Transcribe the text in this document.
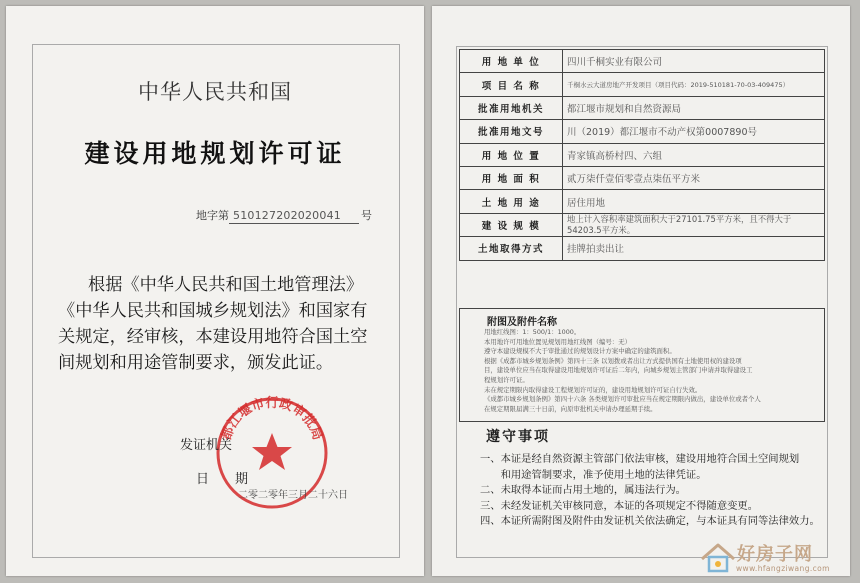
中华人民共和国
建设用地规划许可证
地字第 510127202020041 号
根据《中华人民共和国土地管理法》《中华人民共和国城乡规划法》和国家有关规定，经审核，本建设用地符合国土空间规划和用途管制要求，颁发此证。
都江堰市行政审批局
发证机关
日　　期
二零二零年三月二十六日
用 地 单 位	四川千桐实业有限公司
项 目 名 称	千桐水云大道房地产开发项目（项目代码：2019-510181-70-03-409475）
批准用地机关	都江堰市规划和自然资源局
批准用地文号	川（2019）都江堰市不动产权第0007890号
用 地 位 置	青家镇高桥村四、六组
用 地 面 积	贰万柒仟壹佰零壹点柒伍平方米
土 地 用 途	居住用地
建 设 规 模	地上计入容积率建筑面积大于27101.75平方米，且不得大于54203.5平方米。
土地取得方式	挂牌拍卖出让
附图及附件名称
用地红线图：1：500/1：1000。
本用地许可用地位置见规划用地红线图（编号：无）
遵守本建设规模不大于审批通过的规划设计方案中确定的建筑面积。
根据《成都市城乡规划条例》第四十三条 以划拨或者出让方式提供国有土地使用权的建设项
目，建设单位应当在取得建设用地规划许可证后二年内，向城乡规划主管部门申请并取得建设工
程规划许可证。
未在规定期限内取得建设工程规划许可证的，建设用地规划许可证自行失效。
《成都市城乡规划条例》第四十六条 各类规划许可审批应当在规定期限内做出，建设单位或者个人
在规定期限届满三十日前，向原审批机关申请办理延期手续。
遵守事项
一、本证是经自然资源主管部门依法审核，建设用地符合国土空间规划
　　和用途管制要求，准予使用土地的法律凭证。
二、未取得本证而占用土地的，属违法行为。
三、未经发证机关审核同意，本证的各项规定不得随意变更。
四、本证所需附图及附件由发证机关依法确定，与本证具有同等法律效力。
好房子网
www.hfangziwang.com
